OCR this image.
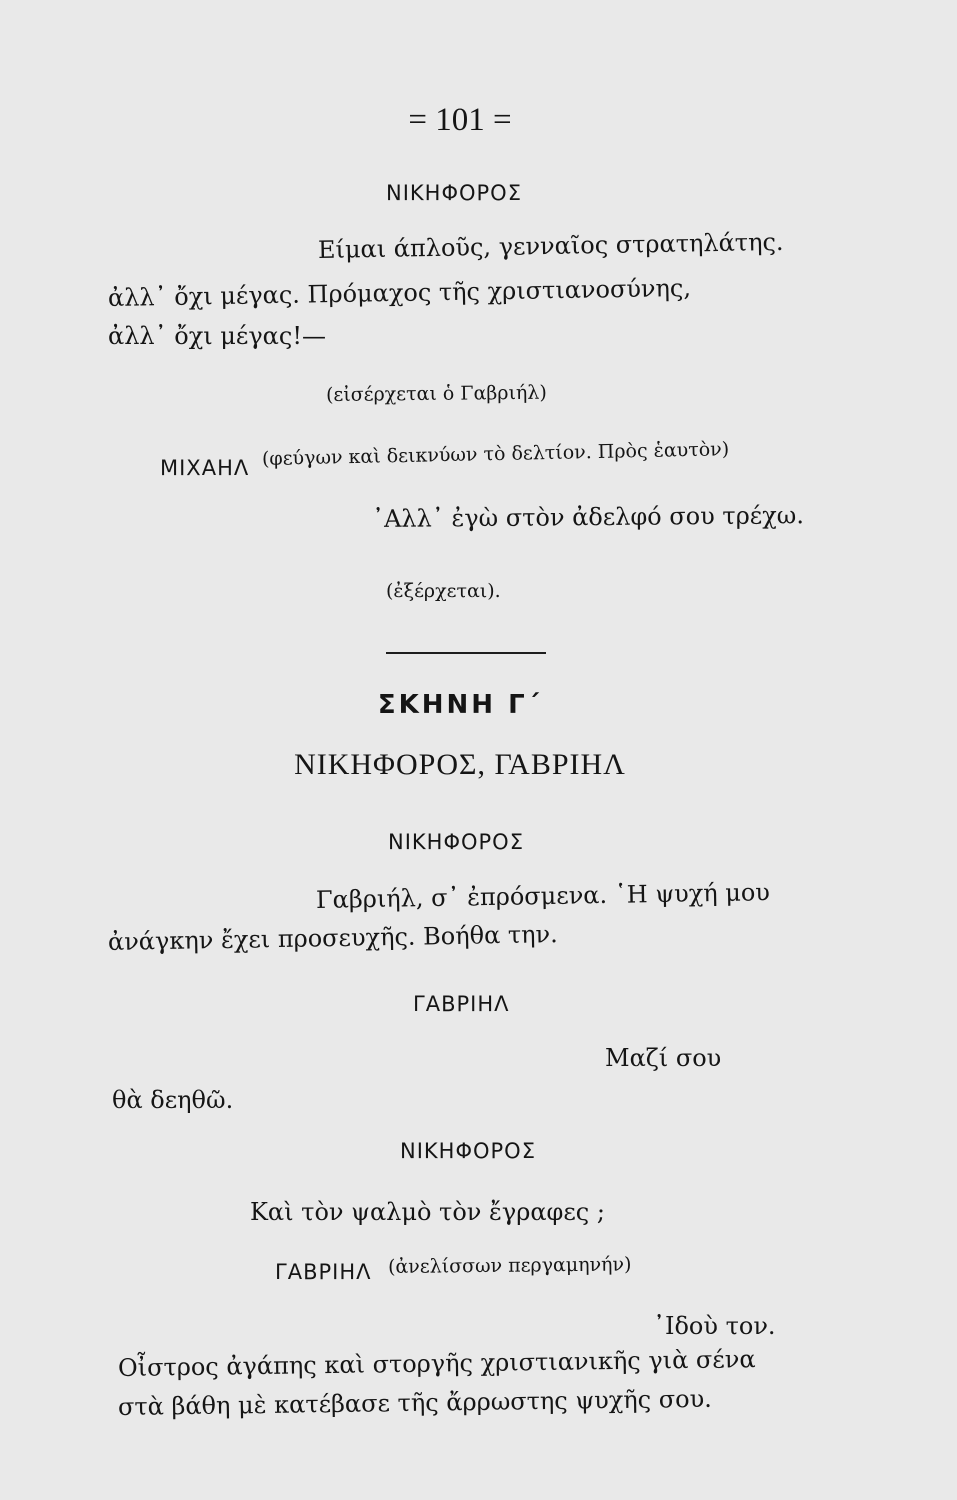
= 101 =
ΝΙΚΗΦΟΡΟΣ
Είμαι άπλοῦς, γενναῖος στρατηλάτης.
ἀλλ᾿ ὄχι μέγας. Πρόμαχος τῆς χριστιανοσύνης,
ἀλλ᾿ ὄχι μέγας!—
(εἰσέρχεται ὁ Γαβριήλ)
ΜΙΧΑΗΛ (φεύγων καὶ δεικνύων τὸ δελτίον. Πρὸς ἑαυτὸν)
᾿Αλλ᾿ ἐγὼ στὸν ἀδελφό σου τρέχω.
(ἐξέρχεται).
ΣΚΗΝΗ Γ΄
ΝΙΚΗΦΟΡΟΣ, ΓΑΒΡΙΗΛ
ΝΙΚΗΦΟΡΟΣ
Γαβριήλ, σ᾿ ἐπρόσμενα. ῾Η ψυχή μου
ἀνάγκην ἔχει προσευχῆς. Βοήθα την.
ΓΑΒΡΙΗΛ
Μαζί σου
θὰ δεηθῶ.
ΝΙΚΗΦΟΡΟΣ
Καὶ τὸν ψαλμὸ τὸν ἔγραφες ;
ΓΑΒΡΙΗΛ (ἀνελίσσων περγαμηνήν)
᾿Ιδοὺ τον.
Οἶστρος ἀγάπης καὶ στοργῆς χριστιανικῆς γιὰ σένα
στὰ βάθη μὲ κατέβασε τῆς ἄρρωστης ψυχῆς σου.
